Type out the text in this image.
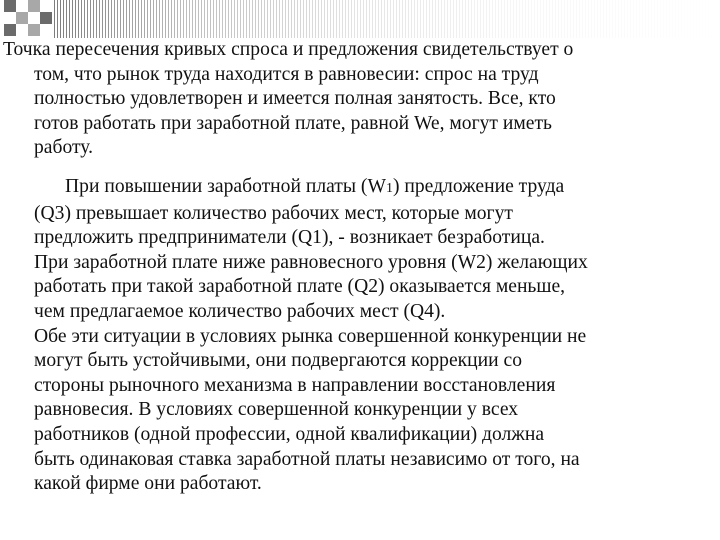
Точка пересечения кривых спроса и предложения свидетельствует о
том, что рынок труда находится в равновесии: спрос на труд
полностью удовлетворен и имеется полная занятость. Все, кто
готов работать при заработной плате, равной We, могут иметь
работу.

При повышении заработной платы (W1) предложение труда
(Q3) превышает количество рабочих мест, которые могут
предложить предприниматели (Q1), - возникает безработица.
При заработной плате ниже равновесного уровня (W2) желающих
работать при такой заработной плате (Q2) оказывается меньше,
чем предлагаемое количество рабочих мест (Q4).
Обе эти ситуации в условиях рынка совершенной конкуренции не
могут быть устойчивыми, они подвергаются коррекции со
стороны рыночного механизма в направлении восстановления
равновесия. В условиях совершенной конкуренции у всех
работников (одной профессии, одной квалификации) должна
быть одинаковая ставка заработной платы независимо от того, на
какой фирме они работают.
